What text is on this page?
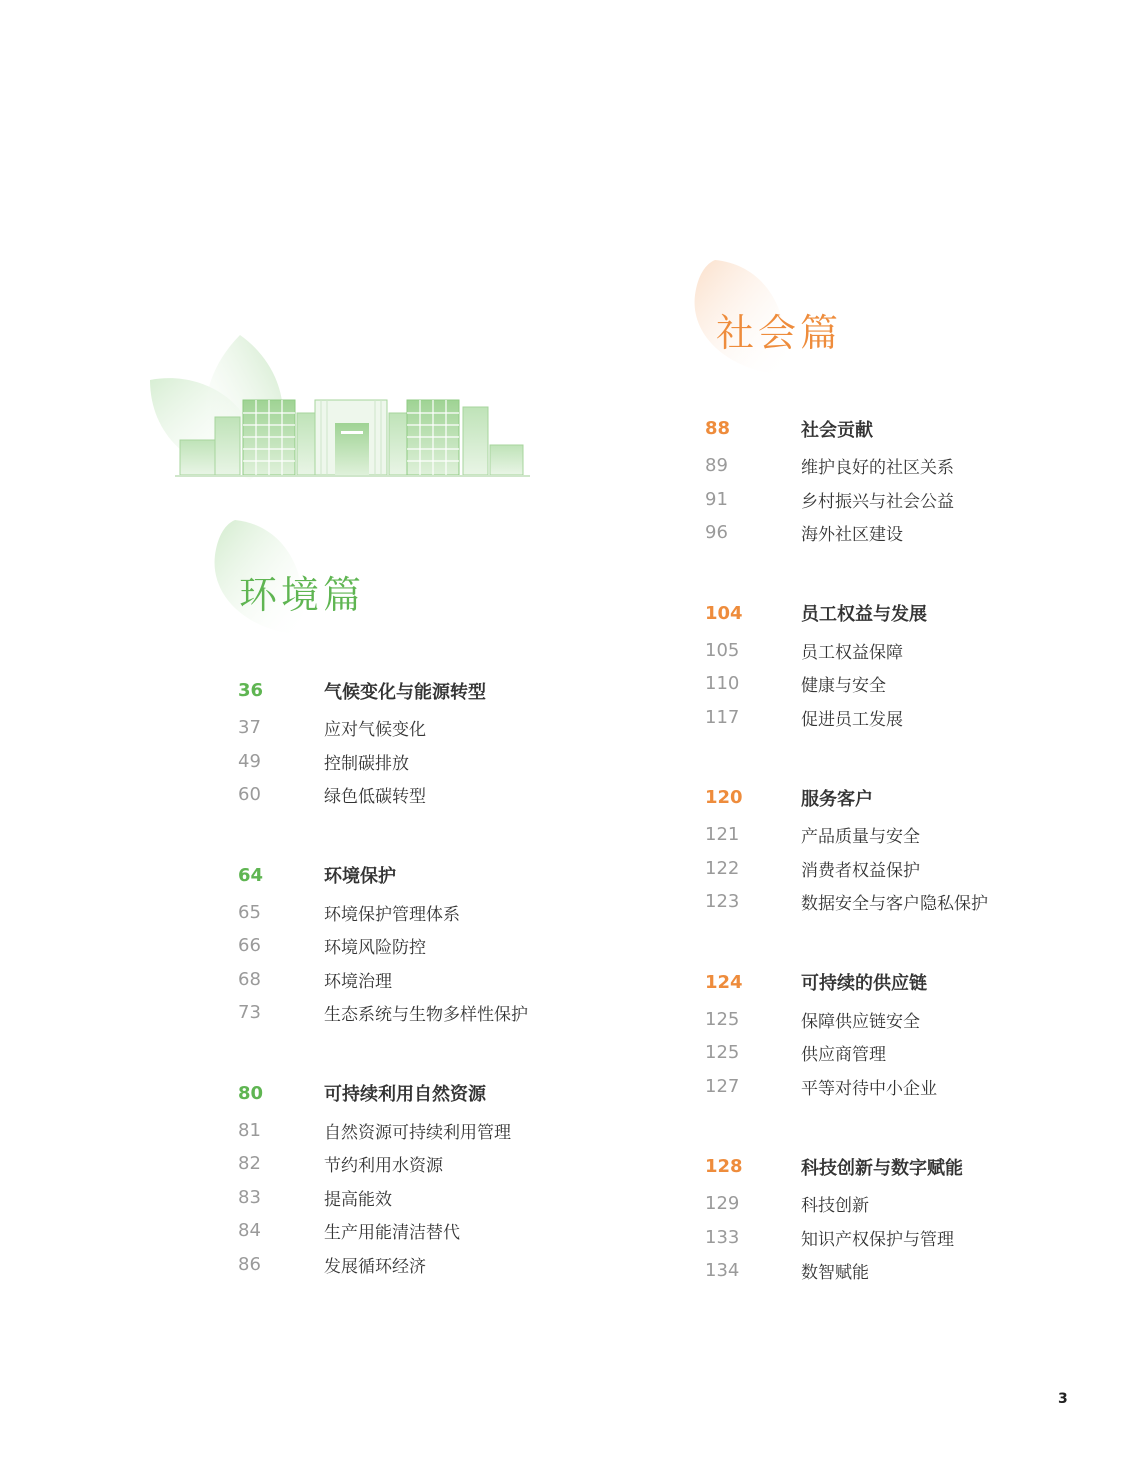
环境篇
社会篇
36	气候变化与能源转型
37	应对气候变化
49	控制碳排放
60	绿色低碳转型
64	环境保护
65	环境保护管理体系
66	环境风险防控
68	环境治理
73	生态系统与生物多样性保护
80	可持续利用自然资源
81	自然资源可持续利用管理
82	节约利用水资源
83	提高能效
84	生产用能清洁替代
86	发展循环经济
88	社会贡献
89	维护良好的社区关系
91	乡村振兴与社会公益
96	海外社区建设
104	员工权益与发展
105	员工权益保障
110	健康与安全
117	促进员工发展
120	服务客户
121	产品质量与安全
122	消费者权益保护
123	数据安全与客户隐私保护
124	可持续的供应链
125	保障供应链安全
125	供应商管理
127	平等对待中小企业
128	科技创新与数字赋能
129	科技创新
133	知识产权保护与管理
134	数智赋能
3
